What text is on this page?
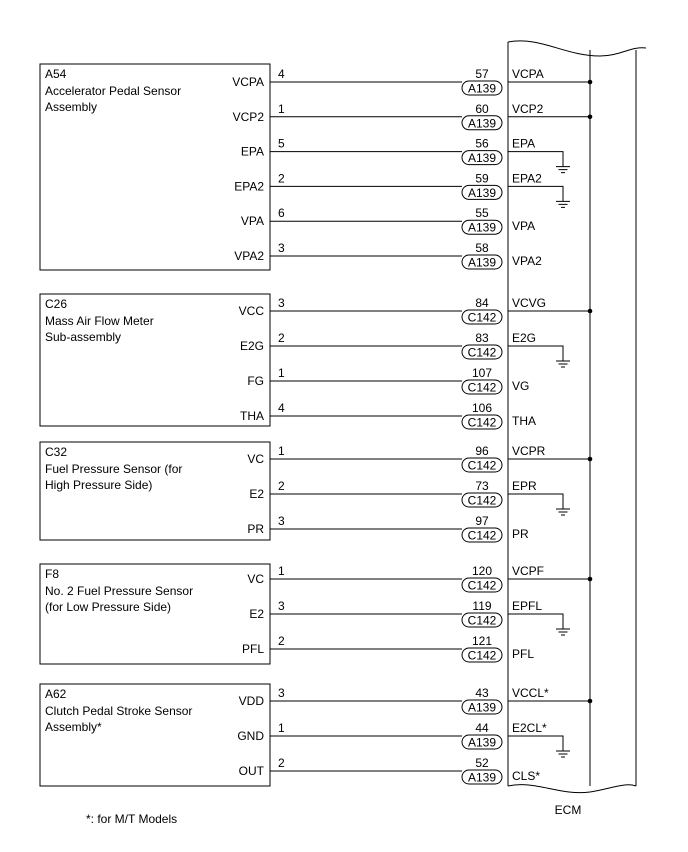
A54
Accelerator Pedal Sensor
Assembly
VCPA
4	57
A139
VCPA
VCP2
1	60
A139
VCP2
EPA
5	56
A139
EPA
EPA2
2	59
A139
EPA2
VPA
6	55
A139 VPA
VPA2
3	58
A139 VPA2
C26
Mass Air Flow Meter
Sub-assembly
VCC
3	84
C142
VCVG
E2G
2	83
C142
E2G
FG
1	107
C142 VG
THA
4	106
C142 THA
C32
Fuel Pressure Sensor (for
High Pressure Side)
VC
1	96
C142
VCPR
E2
2	73
C142
EPR
PR
3	97
C142 PR
F8
No. 2 Fuel Pressure Sensor
(for Low Pressure Side)
VC
1	120
C142
VCPF
E2
3	119
C142
EPFL
PFL
2	121
C142 PFL
A62
Clutch Pedal Stroke Sensor
Assembly*
VDD
3	43
A139
VCCL*
GND
1	44
A139
E2CL*
OUT
2	52
A139 CLS*
ECM
*: for M/T Models
